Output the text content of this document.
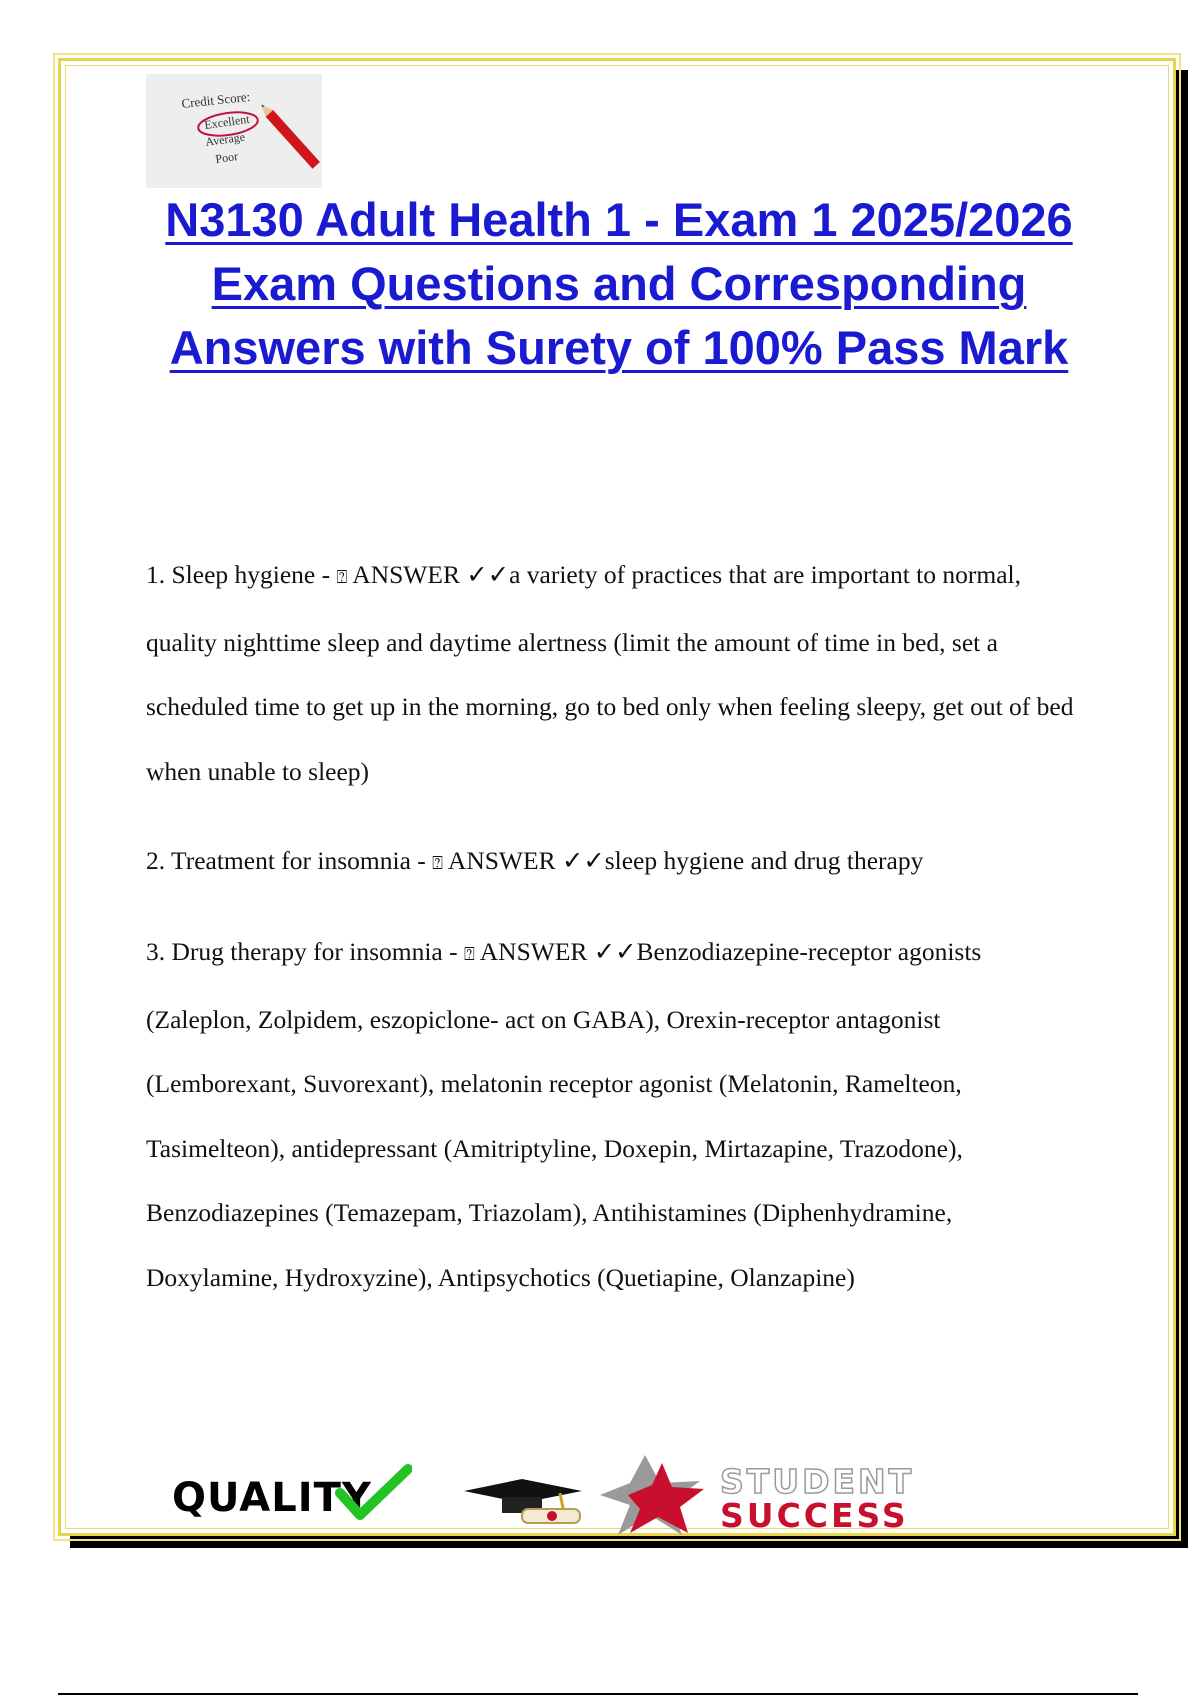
Credit Score:
Excellent
Average
Poor
N3130 Adult Health 1 - Exam 1 2025/2026
Exam Questions and Corresponding
Answers with Surety of 100% Pass Mark

1. Sleep hygiene - ⍰ ANSWER ✓✓a variety of practices that are important to normal, quality nighttime sleep and daytime alertness (limit the amount of time in bed, set a scheduled time to get up in the morning, go to bed only when feeling sleepy, get out of bed when unable to sleep)

2. Treatment for insomnia - ⍰ ANSWER ✓✓sleep hygiene and drug therapy

3. Drug therapy for insomnia - ⍰ ANSWER ✓✓Benzodiazepine-receptor agonists (Zaleplon, Zolpidem, eszopiclone- act on GABA), Orexin-receptor antagonist (Lemborexant, Suvorexant), melatonin receptor agonist (Melatonin, Ramelteon, Tasimelteon), antidepressant (Amitriptyline, Doxepin, Mirtazapine, Trazodone), Benzodiazepines (Temazepam, Triazolam), Antihistamines (Diphenhydramine, Doxylamine, Hydroxyzine), Antipsychotics (Quetiapine, Olanzapine)

QUALITY	STUDENT
SUCCESS
